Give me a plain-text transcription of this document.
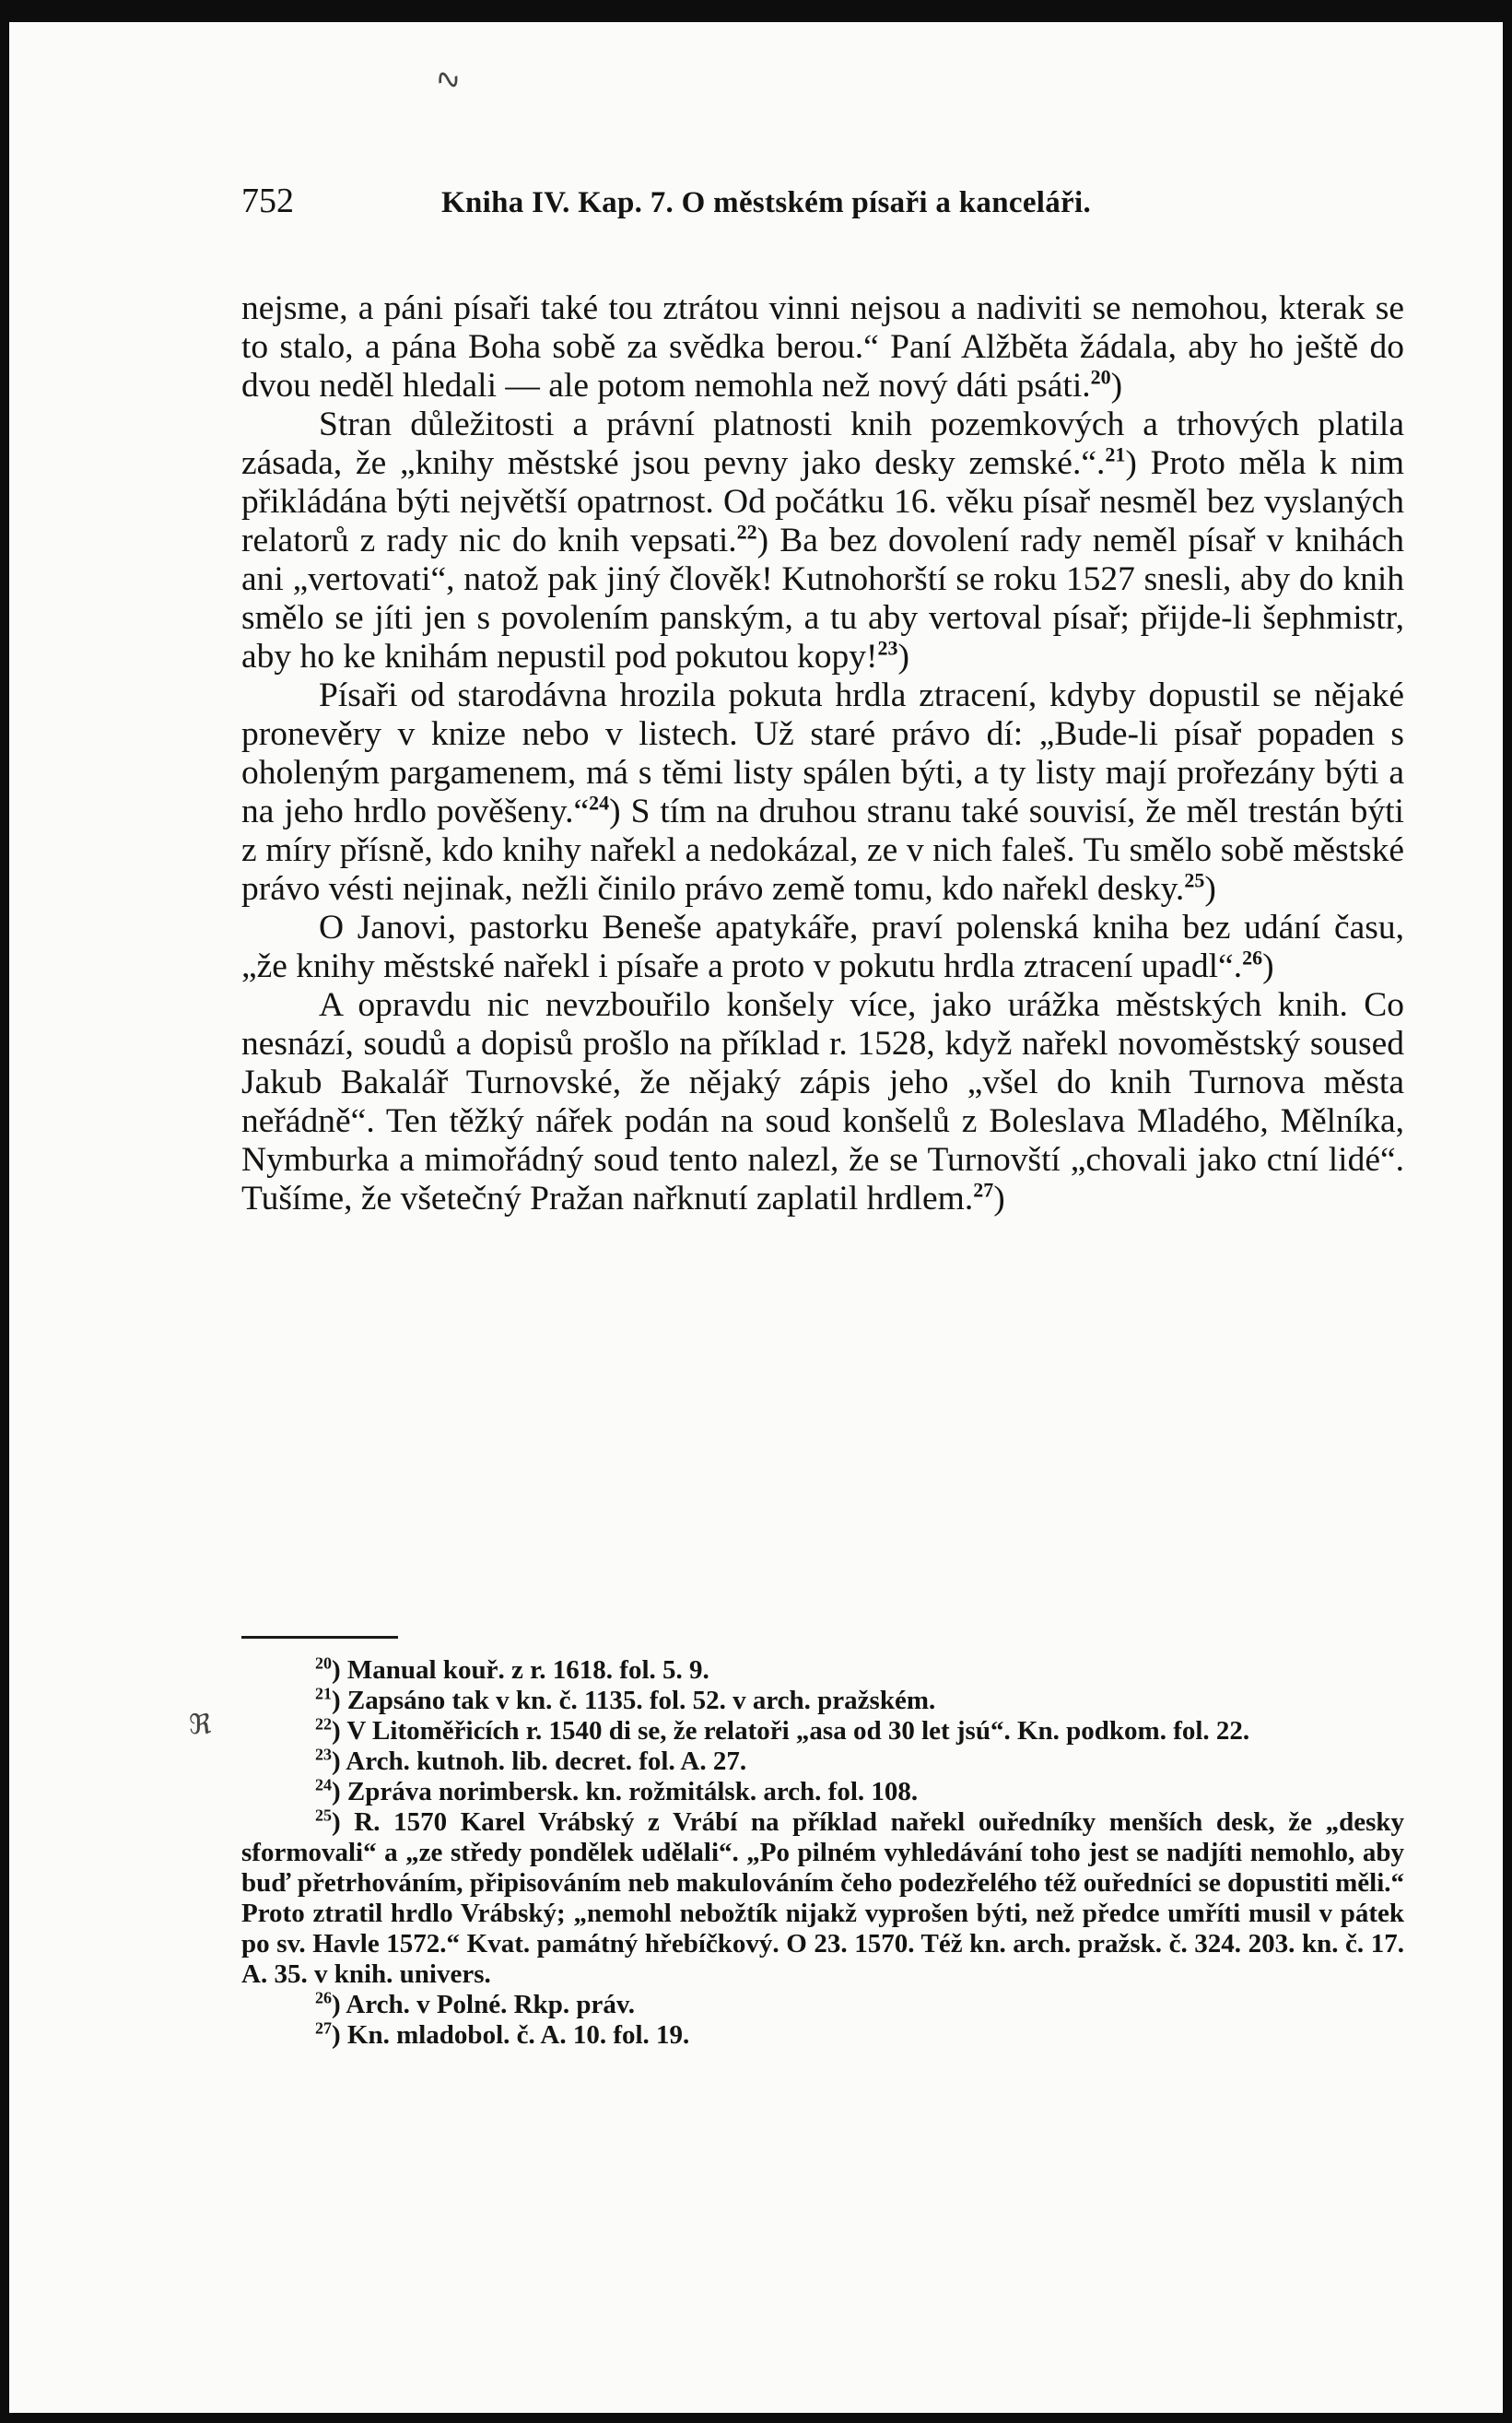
∿
752	Kniha IV. Kap. 7. O městském písaři a kanceláři.

nejsme, a páni písaři také tou ztrátou vinni nejsou a nadiviti se nemohou, kterak se to stalo, a pána Boha sobě za svědka berou.“ Paní Alžběta žádala, aby ho ještě do dvou neděl hledali — ale potom nemohla než nový dáti psáti.$^{20}$)

Stran důležitosti a právní platnosti knih pozemkových a trhových platila zásada, že „knihy městské jsou pevny jako desky zemské.“.$^{21}$) Proto měla k nim přikládána býti největší opatrnost. Od počátku 16. věku písař nesměl bez vyslaných relatorů z rady nic do knih vepsati.$^{22}$) Ba bez dovolení rady neměl písař v knihách ani „vertovati“, natož pak jiný člověk! Kutnohorští se roku 1527 snesli, aby do knih smělo se jíti jen s povolením panským, a tu aby vertoval písař; přijde-li šephmistr, aby ho ke knihám nepustil pod pokutou kopy!$^{23}$)

Písaři od starodávna hrozila pokuta hrdla ztracení, kdyby dopustil se nějaké pronevěry v knize nebo v listech. Už staré právo dí: „Bude-li písař popaden s oholeným pargamenem, má s těmi listy spálen býti, a ty listy mají prořezány býti a na jeho hrdlo pověšeny.“$^{24}$) S tím na druhou stranu také souvisí, že měl trestán býti z míry přísně, kdo knihy nařekl a nedokázal, ze v nich faleš. Tu smělo sobě městské právo vésti nejinak, nežli činilo právo země tomu, kdo nařekl desky.$^{25}$)

O Janovi, pastorku Beneše apatykáře, praví polenská kniha bez udání času, „že knihy městské nařekl i písaře a proto v pokutu hrdla ztracení upadl“.$^{26}$)

A opravdu nic nevzbouřilo konšely více, jako urážka městských knih. Co nesnází, soudů a dopisů prošlo na příklad r. 1528, když nařekl novoměstský soused Jakub Bakalář Turnovské, že nějaký zápis jeho „všel do knih Turnova města neřádně“. Ten těžký nářek podán na soud konšelů z Boleslava Mladého, Mělníka, Nymburka a mimořádný soud tento nalezl, že se Turnovští „chovali jako ctní lidé“. Tušíme, že všetečný Pražan nařknutí zaplatil hrdlem.$^{27}$)

$^{20}$) Manual kouř. z r. 1618. fol. 5. 9.

$^{21}$) Zapsáno tak v kn. č. 1135. fol. 52. v arch. pražském.

$^{22}$) V Litoměřicích r. 1540 di se, že relatoři „asa od 30 let jsú“. Kn. podkom. fol. 22.

$^{23}$) Arch. kutnoh. lib. decret. fol. A. 27.

$^{24}$) Zpráva norimbersk. kn. rožmitálsk. arch. fol. 108.

$^{25}$) R. 1570 Karel Vrábský z Vrábí na příklad nařekl ouředníky menších desk, že „desky sformovali“ a „ze středy pondělek udělali“. „Po pilném vyhledávání toho jest se nadjíti nemohlo, aby buď přetrhováním, připisováním neb makulováním čeho podezřelého též ouředníci se dopustiti měli.“ Proto ztratil hrdlo Vrábský; „nemohl nebožtík nijakž vyprošen býti, než předce umříti musil v pátek po sv. Havle 1572.“ Kvat. památný hřebíčkový. O 23. 1570. Též kn. arch. pražsk. č. 324. 203. kn. č. 17. A. 35. v knih. univers.

$^{26}$) Arch. v Polné. Rkp. práv.

$^{27}$) Kn. mladobol. č. A. 10. fol. 19.

ℜ
